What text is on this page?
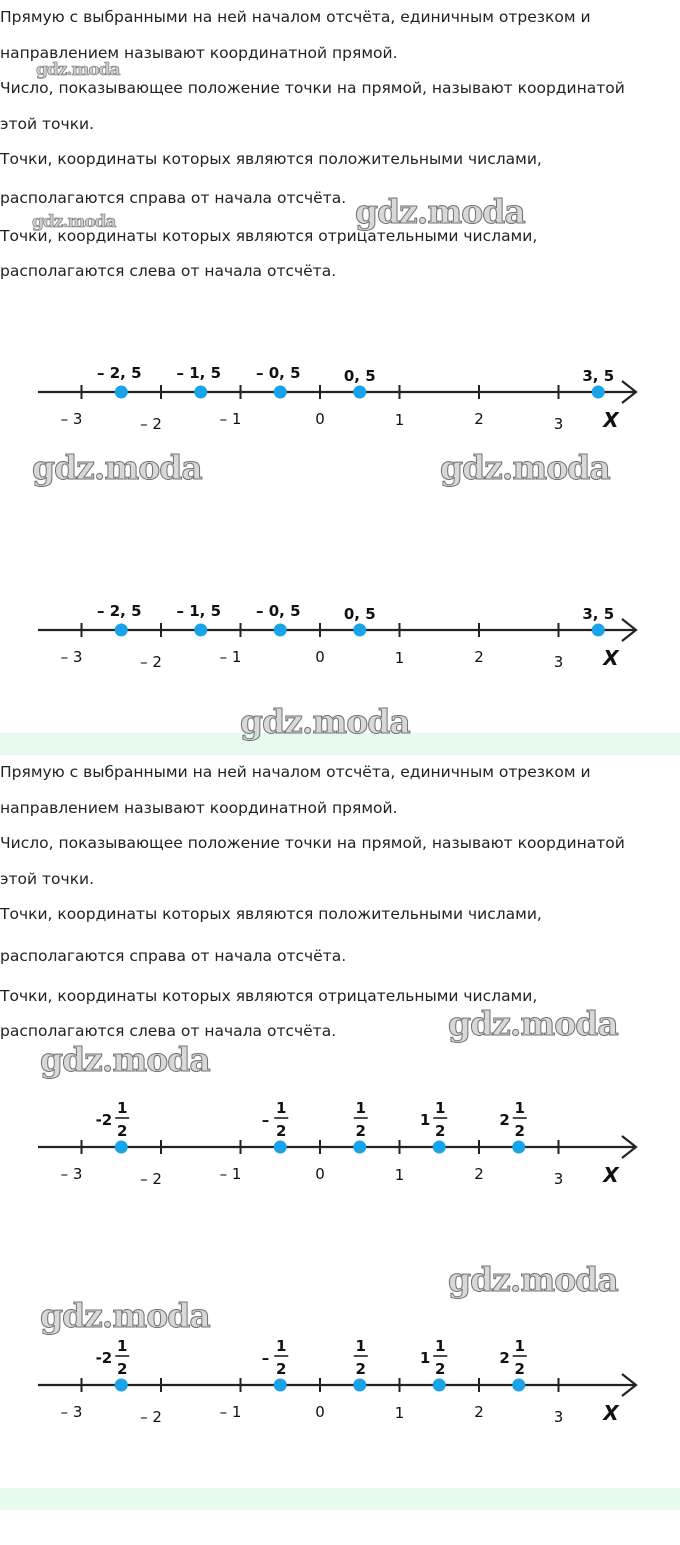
Прямую с выбранными на ней началом отсчёта, единичным отрезком и

направлением называют координатной прямой.

Число, показывающее положение точки на прямой, называют координатой

этой точки.

Точки, координаты которых являются положительными числами,

располагаются справа от начала отсчёта.

Точки, координаты которых являются отрицательными числами,

располагаются слева от начала отсчёта.

– 3	– 2	– 1	0	1	2	3 X
– 2, 5 – 1, 5 – 0, 5	0, 5	3, 5
– 3	– 2	– 1	0	1	2	3 X
– 2, 5 – 1, 5 – 0, 5	0, 5	3, 5

Прямую с выбранными на ней началом отсчёта, единичным отрезком и

направлением называют координатной прямой.

Число, показывающее положение точки на прямой, называют координатой

этой точки.

Точки, координаты которых являются положительными числами,

располагаются справа от начала отсчёта.

Точки, координаты которых являются отрицательными числами,

располагаются слева от начала отсчёта.

– 3	– 2	– 1	0	1	2	3 X
1
2
-2
1
2
–
1
2
1
2
1
1
2
2
– 3	– 2	– 1	0	1	2	3 X
1
2
-2
1
2
–
1
2
1
2
1
1
2
2
gdz.moda
gdz.moda	gdz.moda
gdz.moda	gdz.moda
gdz.moda
gdz.moda
gdz.moda
gdz.moda
gdz.moda
